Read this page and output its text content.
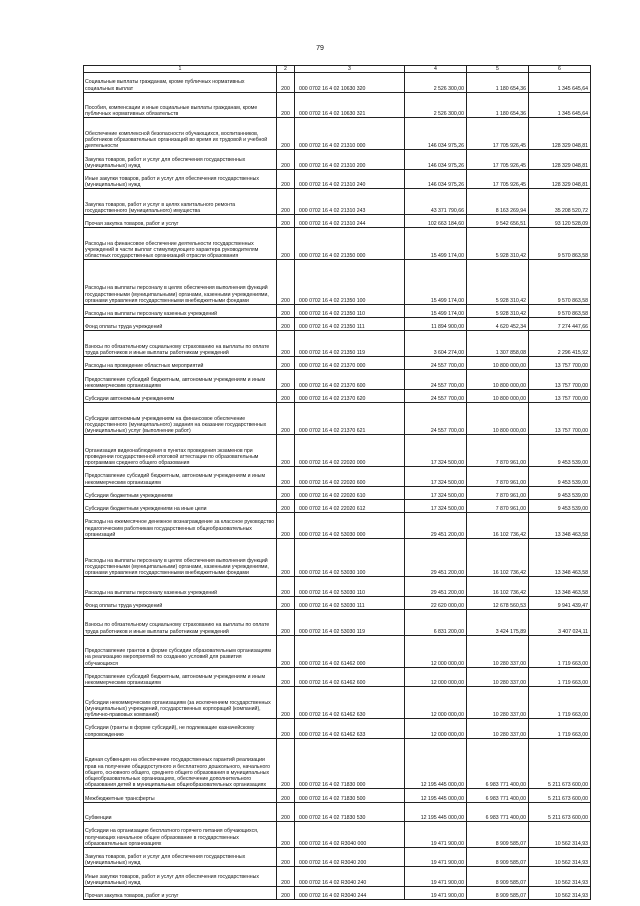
79
1	2	3	4	5	6
Социальные выплаты гражданам, кроме публичных нормативных социальных выплат	200	000 0702 16 4 02 10630 320	2 526 300,00	1 180 654,36	1 345 645,64
Пособия, компенсации и иные социальные выплаты гражданам, кроме публичных нормативных обязательств	200	000 0702 16 4 02 10630 321	2 526 300,00	1 180 654,36	1 345 645,64
Обеспечение комплексной безопасности обучающихся, воспитанников, работников образовательных организаций во время их трудовой и учебной деятельности	200	000 0702 16 4 02 21310 000	146 034 975,26	17 705 926,45	128 329 048,81
Закупка товаров, работ и услуг для обеспечения государственных (муниципальных) нужд	200	000 0702 16 4 02 21310 200	146 034 975,26	17 705 926,45	128 329 048,81
Иные закупки товаров, работ и услуг для обеспечения государственных (муниципальных) нужд	200	000 0702 16 4 02 21310 240	146 034 975,26	17 705 926,45	128 329 048,81
Закупка товаров, работ и услуг в целях капитального ремонта государственного (муниципального) имущества	200	000 0702 16 4 02 21310 243	43 371 790,66	8 163 269,94	35 208 520,72
Прочая закупка товаров, работ и услуг	200	000 0702 16 4 02 21310 244	102 663 184,60	9 542 656,51	93 120 528,09
Расходы на финансовое обеспечение деятельности государственных учреждений в части выплат стимулирующего характера руководителям областных государственных организаций отрасли образования	200	000 0702 16 4 02 21350 000	15 499 174,00	5 928 310,42	9 570 863,58
Расходы на выплаты персоналу в целях обеспечения выполнения функций государственными (муниципальными) органами, казенными учреждениями, органами управления государственными внебюджетными фондами	200	000 0702 16 4 02 21350 100	15 499 174,00	5 928 310,42	9 570 863,58
Расходы на выплаты персоналу казенных учреждений	200	000 0702 16 4 02 21350 110	15 499 174,00	5 928 310,42	9 570 863,58
Фонд оплаты труда учреждений	200	000 0702 16 4 02 21350 111	11 894 900,00	4 620 452,34	7 274 447,66
Взносы по обязательному социальному страхованию на выплаты по оплате труда работников и иные выплаты работникам учреждений	200	000 0702 16 4 02 21350 119	3 604 274,00	1 307 858,08	2 296 415,92
Расходы на проведение областных мероприятий	200	000 0702 16 4 02 21370 000	24 557 700,00	10 800 000,00	13 757 700,00
Предоставление субсидий бюджетным, автономным учреждениям и иным некоммерческим организациям	200	000 0702 16 4 02 21370 600	24 557 700,00	10 800 000,00	13 757 700,00
Субсидии автономным учреждениям	200	000 0702 16 4 02 21370 620	24 557 700,00	10 800 000,00	13 757 700,00
Субсидии автономным учреждениям на финансовое обеспечение государственного (муниципального) задания на оказание государственных (муниципальных) услуг (выполнение работ)	200	000 0702 16 4 02 21370 621	24 557 700,00	10 800 000,00	13 757 700,00
Организация видеонаблюдения в пунктах проведения экзаменов при проведении государственной итоговой аттестации по образовательным программам среднего общего образования	200	000 0702 16 4 02 22020 000	17 324 500,00	7 870 961,00	9 453 539,00
Предоставление субсидий бюджетным, автономным учреждениям и иным некоммерческим организациям	200	000 0702 16 4 02 22020 600	17 324 500,00	7 870 961,00	9 453 539,00
Субсидии бюджетным учреждениям	200	000 0702 16 4 02 22020 610	17 324 500,00	7 870 961,00	9 453 539,00
Субсидии бюджетным учреждениям на иные цели	200	000 0702 16 4 02 22020 612	17 324 500,00	7 870 961,00	9 453 539,00
Расходы на ежемесячное денежное вознаграждение за классное руководство педагогическим работникам государственных общеобразовательных организаций	200	000 0702 16 4 02 53030 000	29 451 200,00	16 102 736,42	13 348 463,58
Расходы на выплаты персоналу в целях обеспечения выполнения функций государственными (муниципальными) органами, казенными учреждениями, органами управления государственными внебюджетными фондами	200	000 0702 16 4 02 53030 100	29 451 200,00	16 102 736,42	13 348 463,58
Расходы на выплаты персоналу казенных учреждений	200	000 0702 16 4 02 53030 110	29 451 200,00	16 102 736,42	13 348 463,58
Фонд оплаты труда учреждений	200	000 0702 16 4 02 53030 111	22 620 000,00	12 678 560,53	9 941 439,47
Взносы по обязательному социальному страхованию на выплаты по оплате труда работников и иные выплаты работникам учреждений	200	000 0702 16 4 02 53030 119	6 831 200,00	3 424 175,89	3 407 024,11
Предоставление грантов в форме субсидии образовательным организациям на реализацию мероприятий по созданию условий для развития обучающихся	200	000 0702 16 4 02 61462 000	12 000 000,00	10 280 337,00	1 719 663,00
Предоставление субсидий бюджетным, автономным учреждениям и иным некоммерческим организациям	200	000 0702 16 4 02 61462 600	12 000 000,00	10 280 337,00	1 719 663,00
Субсидии некоммерческим организациям (за исключением государственных (муниципальных) учреждений, государственных корпораций (компаний), публично-правовых компаний)	200	000 0702 16 4 02 61462 630	12 000 000,00	10 280 337,00	1 719 663,00
Субсидии (гранты в форме субсидий), не подлежащие казначейскому сопровождению	200	000 0702 16 4 02 61462 633	12 000 000,00	10 280 337,00	1 719 663,00
Единая субвенция на обеспечение государственных гарантий реализации прав на получение общедоступного и бесплатного дошкольного, начального общего, основного общего, среднего общего образования в муниципальных общеобразовательных организациях, обеспечение дополнительного образования детей в муниципальных общеобразовательных организациях	200	000 0702 16 4 02 71830 000	12 195 445 000,00	6 983 771 400,00	5 211 673 600,00
Межбюджетные трансферты	200	000 0702 16 4 02 71830 500	12 195 445 000,00	6 983 771 400,00	5 211 673 600,00
Субвенции	200	000 0702 16 4 02 71830 530	12 195 445 000,00	6 983 771 400,00	5 211 673 600,00
Субсидии на организацию бесплатного горячего питания обучающихся, получающих начальное общее образование в государственных образовательных организациях	200	000 0702 16 4 02 R3040 000	19 471 900,00	8 909 585,07	10 562 314,93
Закупка товаров, работ и услуг для обеспечения государственных (муниципальных) нужд	200	000 0702 16 4 02 R3040 200	19 471 900,00	8 909 585,07	10 562 314,93
Иные закупки товаров, работ и услуг для обеспечения государственных (муниципальных) нужд	200	000 0702 16 4 02 R3040 240	19 471 900,00	8 909 585,07	10 562 314,93
Прочая закупка товаров, работ и услуг	200	000 0702 16 4 02 R3040 244	19 471 900,00	8 909 585,07	10 562 314,93
